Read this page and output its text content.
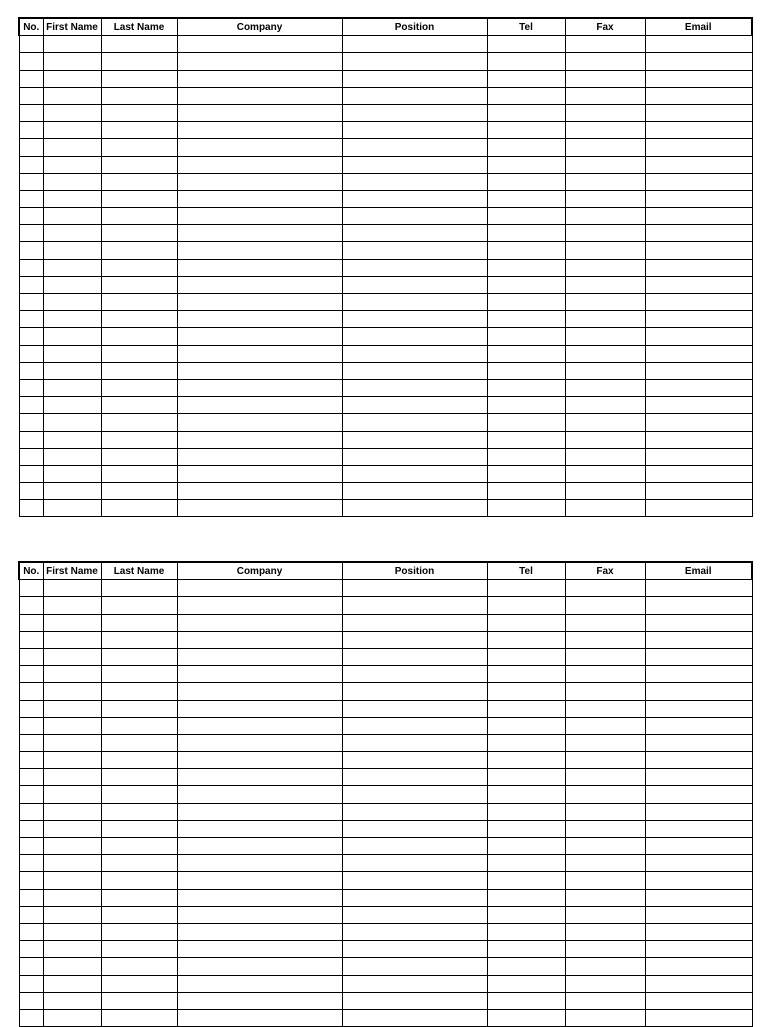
No.	First Name	Last Name	Company	Position	Tel	Fax	Email

No.	First Name	Last Name	Company	Position	Tel	Fax	Email
